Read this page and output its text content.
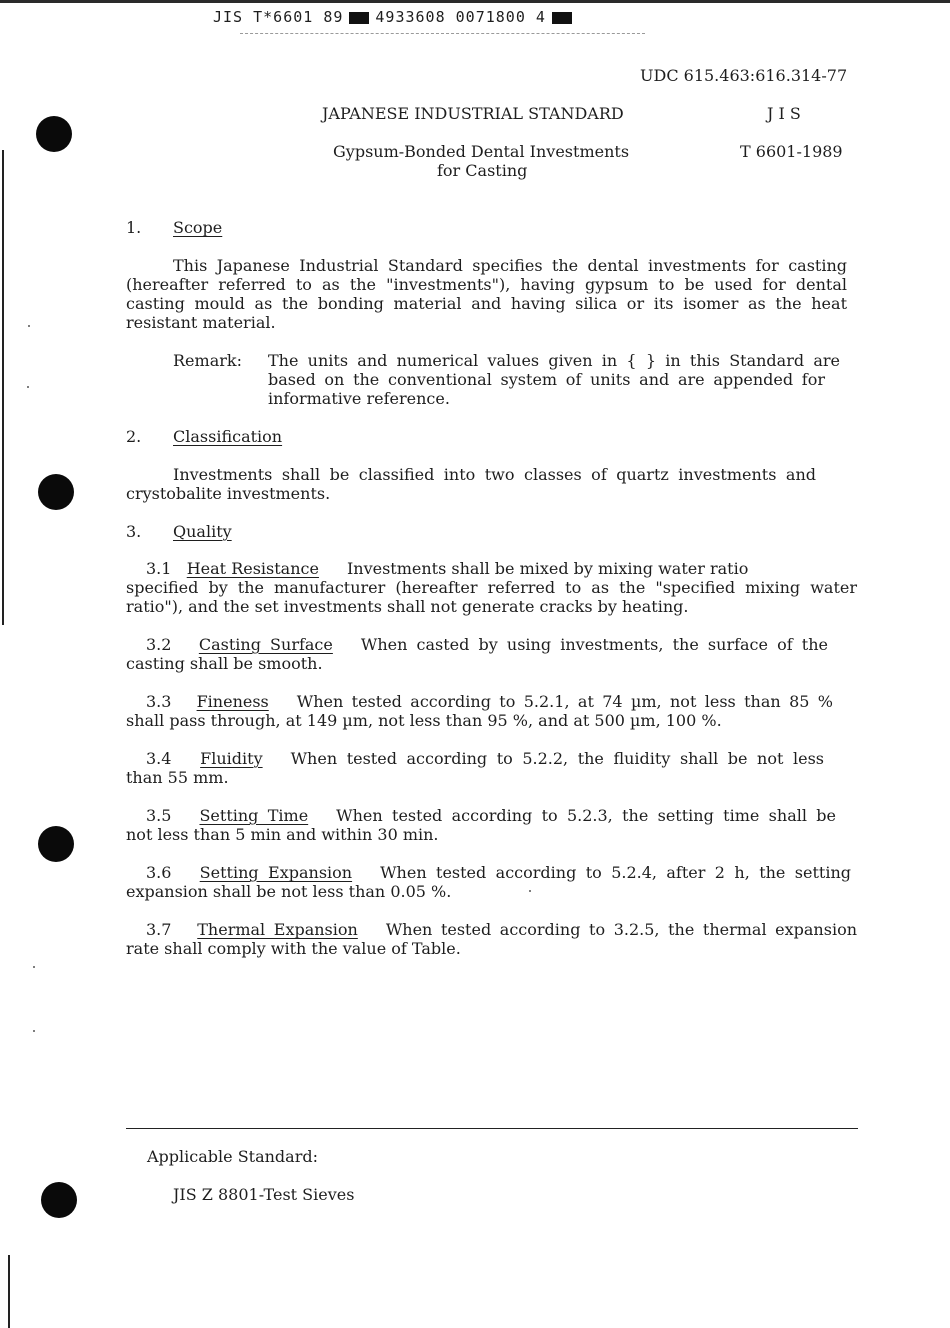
JIS T*6601 89 4933608 0071800 4
UDC 615.463:616.314-77
JAPANESE INDUSTRIAL STANDARD	J I S
Gypsum-Bonded Dental Investments	T 6601-1989
for Casting
1. Scope
This Japanese Industrial Standard specifies the dental investments for casting
(hereafter referred to as the "investments"), having gypsum to be used for dental
casting mould as the bonding material and having silica or its isomer as the heat
resistant material.
Remark: The units and numerical values given in { } in this Standard are
based on the conventional system of units and are appended for
informative reference.
2. Classification
Investments shall be classified into two classes of quartz investments and
crystobalite investments.
3. Quality
3.1 Heat Resistance Investments shall be mixed by mixing water ratio
specified by the manufacturer (hereafter referred to as the "specified mixing water
ratio"), and the set investments shall not generate cracks by heating.
3.2 Casting Surface When casted by using investments, the surface of the
casting shall be smooth.
3.3 Fineness When tested according to 5.2.1, at 74 µm, not less than 85 %
shall pass through, at 149 µm, not less than 95 %, and at 500 µm, 100 %.
3.4 Fluidity When tested according to 5.2.2, the fluidity shall be not less
than 55 mm.
3.5 Setting Time When tested according to 5.2.3, the setting time shall be
not less than 5 min and within 30 min.
3.6 Setting Expansion When tested according to 5.2.4, after 2 h, the setting
expansion shall be not less than 0.05 %.
3.7 Thermal Expansion When tested according to 3.2.5, the thermal expansion
rate shall comply with the value of Table.
Applicable Standard:
JIS Z 8801-Test Sieves
